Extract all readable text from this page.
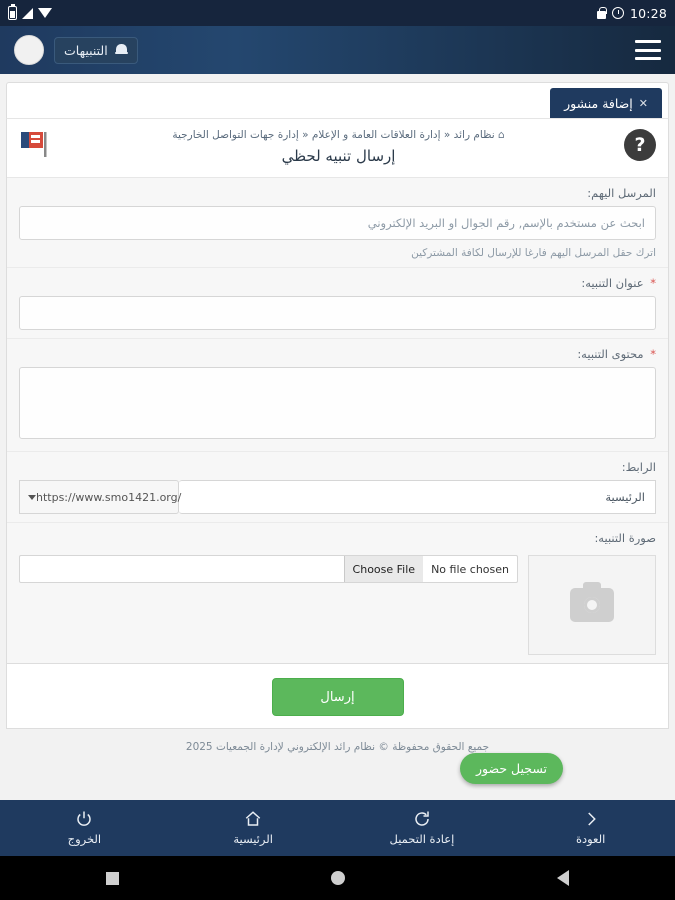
10:28
التنبيهات
✕
إضافة منشور
?
⌂ نظام رائد « إدارة العلاقات العامة و الإعلام « إدارة جهات التواصل الخارجية
إرسال تنبيه لحظي
المرسل اليهم:
ابحث عن مستخدم بالإسم, رقم الجوال او البريد الإلكتروني
اترك حقل المرسل اليهم فارغا للإرسال لكافة المشتركين
* عنوان التنبيه:
* محتوى التنبيه:
الرابط:
الرئيسية
https://www.smo1421.org/
صورة التنبيه:
Choose File	No file chosen
إرسال
جميع الحقوق محفوظة © نظام رائد الإلكتروني لإدارة الجمعيات 2025
تسجيل حضور
العودة
إعادة التحميل
الرئيسية
الخروج
